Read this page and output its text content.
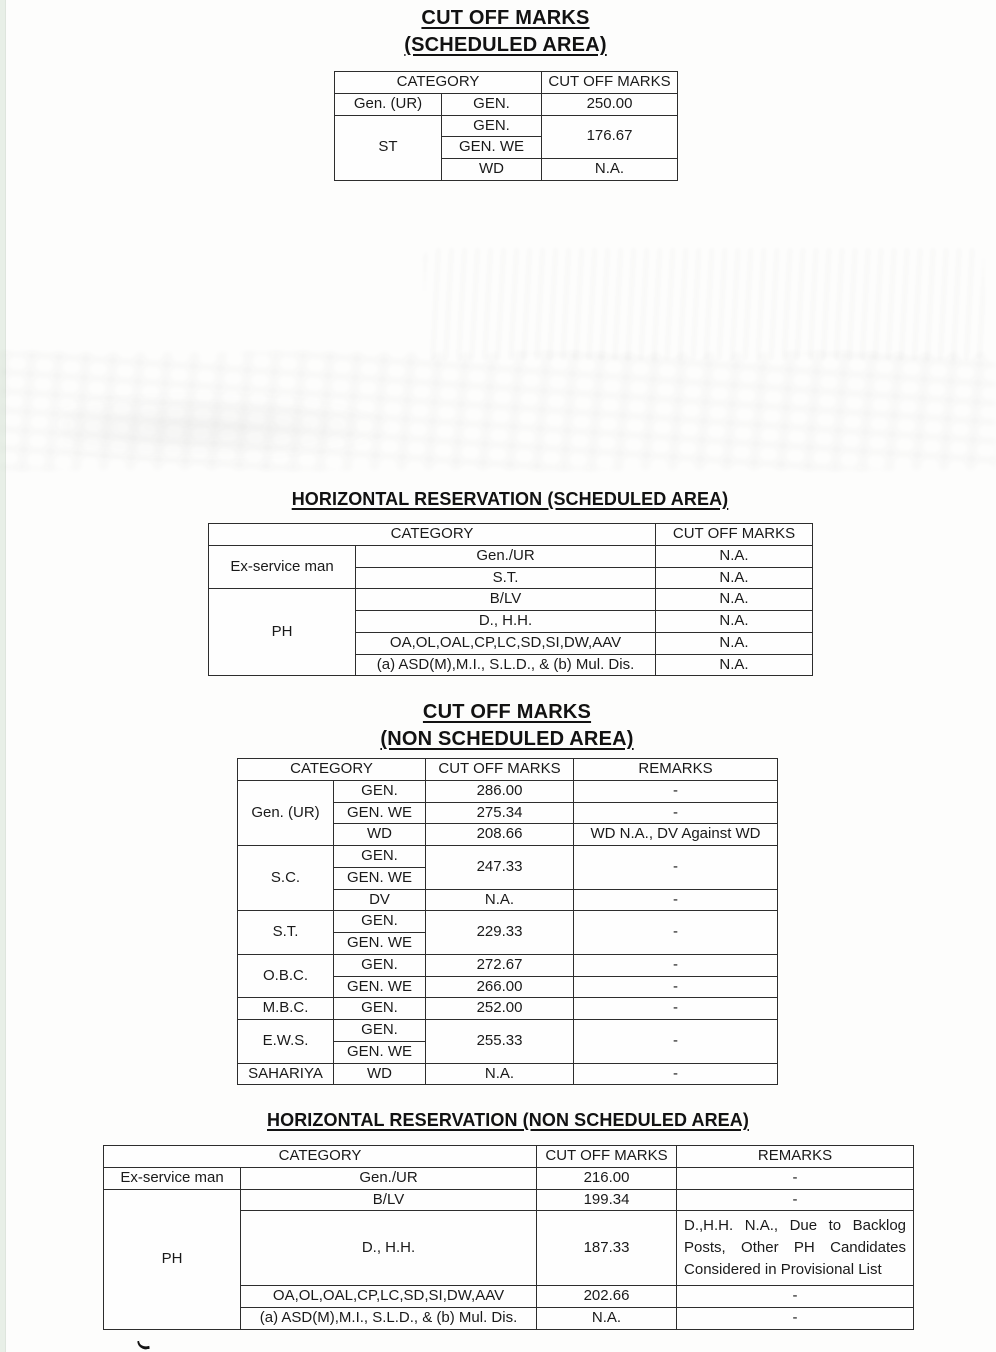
CUT OFF MARKS
(SCHEDULED AREA)
CATEGORY		CUT OFF MARKS
Gen. (UR)	GEN.	250.00
ST	GEN.	176.67
	GEN. WE	
	WD	N.A.
HORIZONTAL RESERVATION (SCHEDULED AREA)
CATEGORY		CUT OFF MARKS
Ex-service man	Gen./UR	N.A.
	S.T.	N.A.
PH	B/LV	N.A.
	D., H.H.	N.A.
	OA,OL,OAL,CP,LC,SD,SI,DW,AAV	N.A.
	(a) ASD(M),M.I., S.L.D., & (b) Mul. Dis.	N.A.
CUT OFF MARKS
(NON SCHEDULED AREA)
CATEGORY		CUT OFF MARKS	REMARKS
Gen. (UR)	GEN.	286.00	-
	GEN. WE	275.34	-
	WD	208.66	WD N.A., DV Against WD
S.C.	GEN.	247.33	-
	GEN. WE		
	DV	N.A.	-
S.T.	GEN.	229.33	-
	GEN. WE		
O.B.C.	GEN.	272.67	-
	GEN. WE	266.00	-
M.B.C.	GEN.	252.00	-
E.W.S.	GEN.	255.33	-
	GEN. WE		
SAHARIYA	WD	N.A.	-
HORIZONTAL RESERVATION (NON SCHEDULED AREA)
CATEGORY		CUT OFF MARKS	REMARKS
Ex-service man	Gen./UR	216.00	-
PH	B/LV	199.34	-
	D., H.H.	187.33	D.,H.H. N.A., Due to Backlog Posts, Other PH Candidates Considered in Provisional List
	OA,OL,OAL,CP,LC,SD,SI,DW,AAV	202.66	-
	(a) ASD(M),M.I., S.L.D., & (b) Mul. Dis.	N.A.	-
